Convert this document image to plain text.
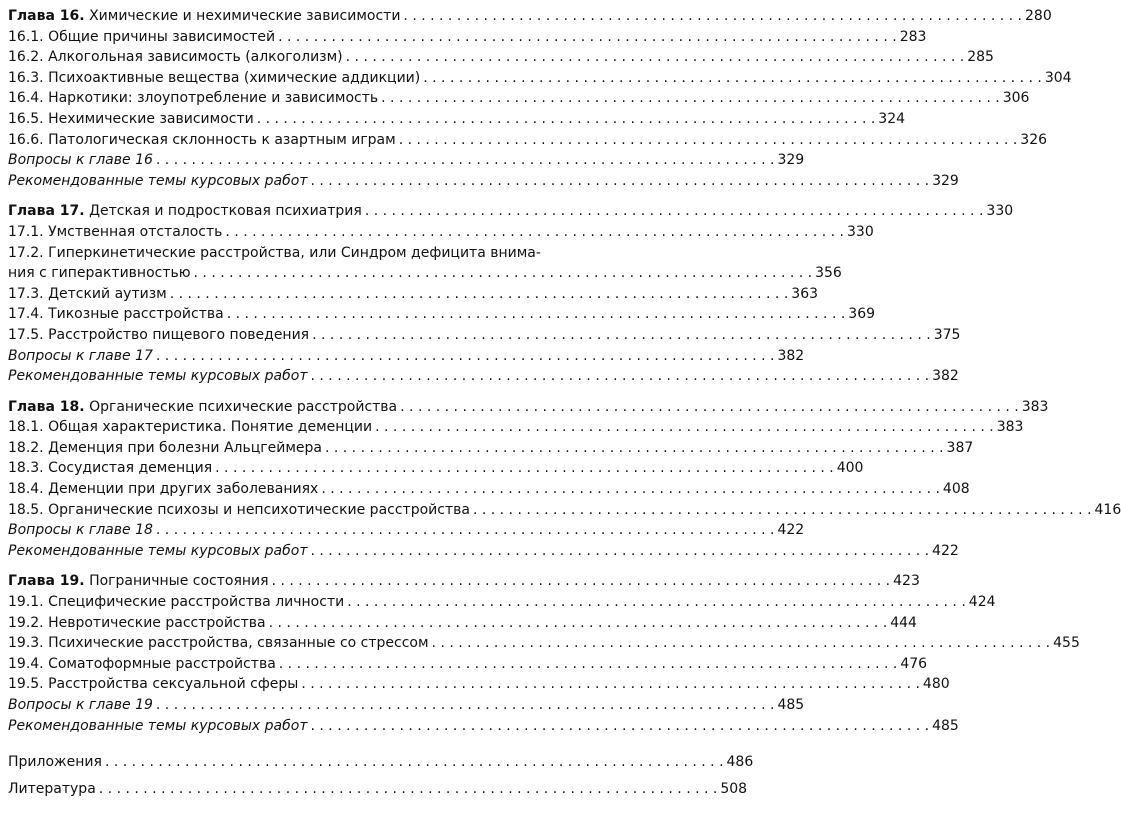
Глава 16. Химические и нехимические зависимости . . .	280
16.1. Общие причины зависимостей . . .	283
16.2. Алкогольная зависимость (алкоголизм) . . .	285
16.3. Психоактивные вещества (химические аддикции) . . .	304
16.4. Наркотики: злоупотребление и зависимость . . .	306
16.5. Нехимические зависимости . . .	324
16.6. Патологическая склонность к азартным играм . . .	326
Вопросы к главе 16 . . .	329
Рекомендованные темы курсовых работ . . .	329
Глава 17. Детская и подростковая психиатрия . . .	330
17.1. Умственная отсталость . . .	330
17.2. Гиперкинетические расстройства, или Синдром дефицита внима-
ния с гиперактивностью . . .	356
17.3. Детский аутизм . . .	363
17.4. Тикозные расстройства . . .	369
17.5. Расстройство пищевого поведения . . .	375
Вопросы к главе 17 . . .	382
Рекомендованные темы курсовых работ . . .	382
Глава 18. Органические психические расстройства . . .	383
18.1. Общая характеристика. Понятие деменции . . .	383
18.2. Деменция при болезни Альцгеймера . . .	387
18.3. Сосудистая деменция . . .	400
18.4. Деменции при других заболеваниях . . .	408
18.5. Органические психозы и непсихотические расстройства . . .	416
Вопросы к главе 18 . . .	422
Рекомендованные темы курсовых работ . . .	422
Глава 19. Пограничные состояния . . .	423
19.1. Специфические расстройства личности . . .	424
19.2. Невротические расстройства . . .	444
19.3. Психические расстройства, связанные со стрессом . . .	455
19.4. Соматоформные расстройства . . .	476
19.5. Расстройства сексуальной сферы . . .	480
Вопросы к главе 19 . . .	485
Рекомендованные темы курсовых работ . . .	485
Приложения . . .	486
Литература . . .	508
